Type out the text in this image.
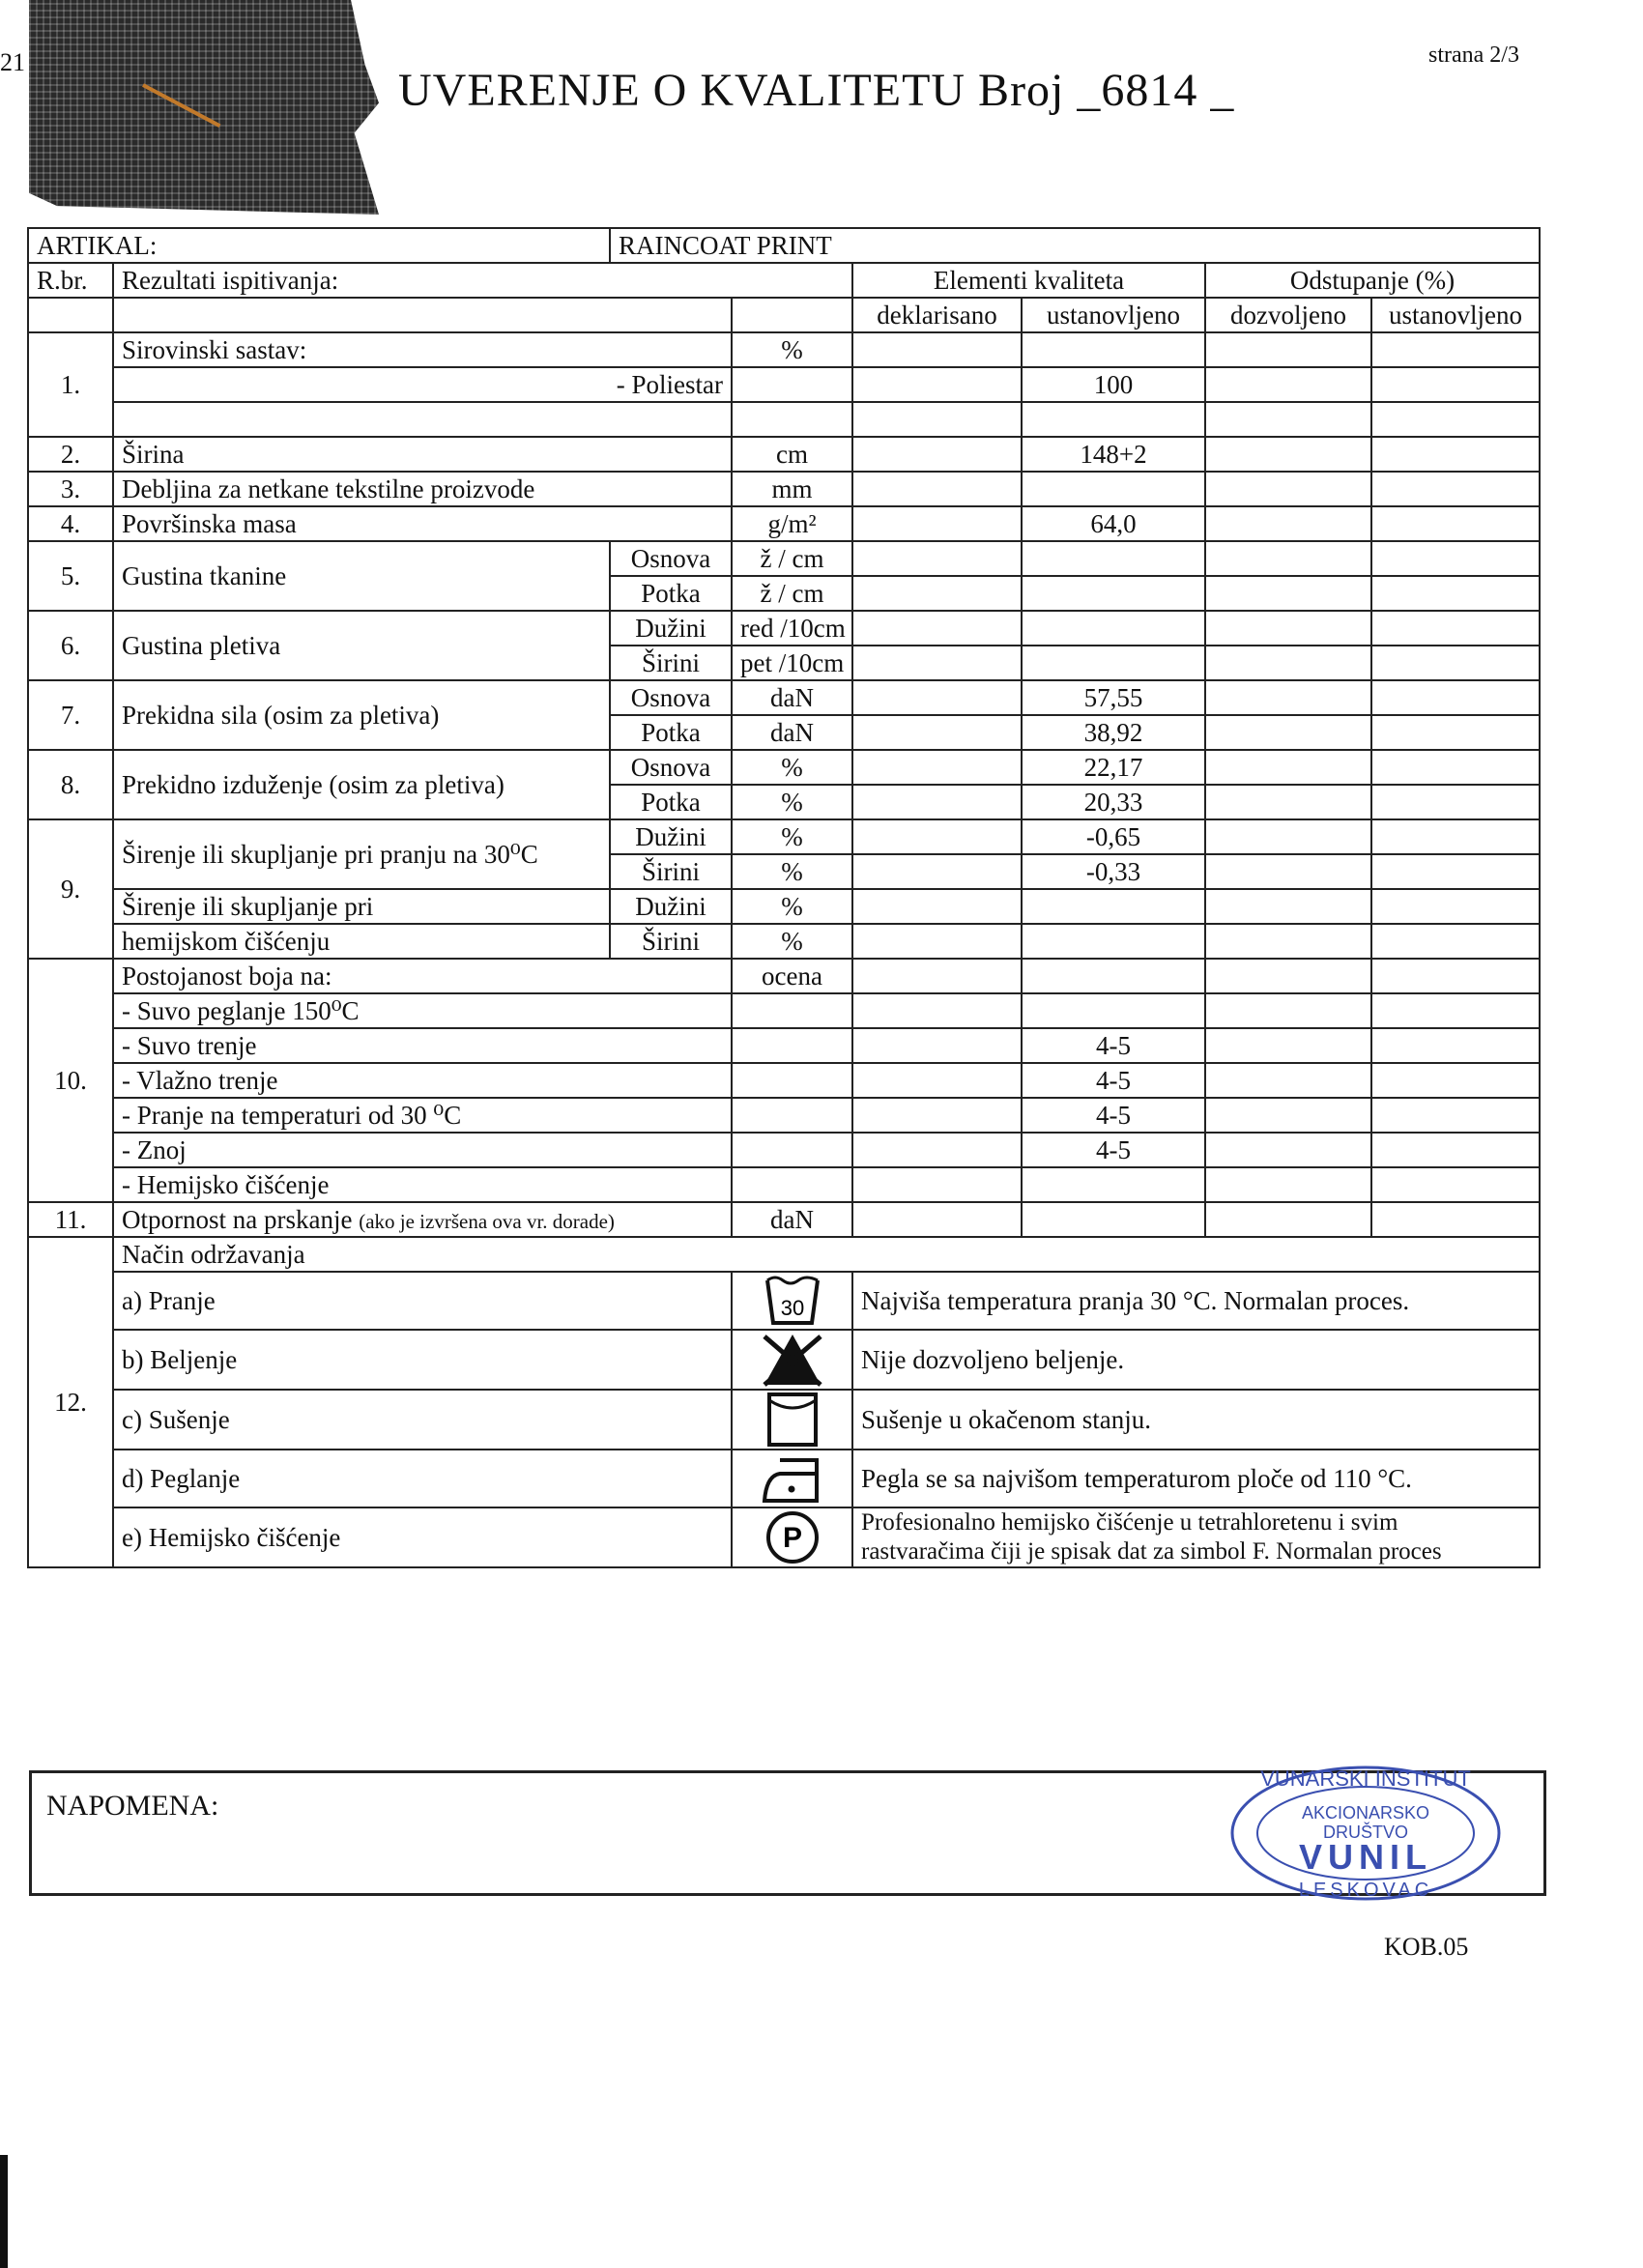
21
UVERENJE O KVALITETU Broj _6814 _
strana 2/3
ARTIKAL:		RAINCOAT PRINT					
R.br.	Rezultati ispitivanja:			Elementi kvaliteta		Odstupanje (%)	
				deklarisano	ustanovljeno	dozvoljeno	ustanovljeno
1.	Sirovinski sastav:		%				
	- Poliestar				100		

2.	Širina		cm		148+2		
3.	Debljina za netkane tekstilne proizvode		mm				
4.	Površinska masa		g/m²		64,0		
5.	Gustina tkanine	Osnova	ž / cm				
		Potka	ž / cm				
6.	Gustina pletiva	Dužini	red /10cm				
		Širini	pet /10cm				
7.	Prekidna sila (osim za pletiva)	Osnova	daN		57,55		
		Potka	daN		38,92		
8.	Prekidno izduženje (osim za pletiva)	Osnova	%		22,17		
		Potka	%		20,33		
9.	Širenje ili skupljanje pri pranju na 30⁰C	Dužini	%		-0,65		
		Širini	%		-0,33		
	Širenje ili skupljanje pri	Dužini	%				
	hemijskom čišćenju	Širini	%				
10.	Postojanost boja na:		ocena				
	- Suvo peglanje 150⁰C						
	- Suvo trenje				4-5		
	- Vlažno trenje				4-5		
	- Pranje na temperaturi od 30 ⁰C				4-5		
	- Znoj				4-5		
	- Hemijsko čišćenje						
11.	Otpornost na prskanje (ako je izvršena ova vr. dorade)		daN				
12.	Način održavanja						
	a) Pranje		30	Najviša temperatura pranja 30 °C. Normalan proces.			
	b) Beljenje			Nije dozvoljeno beljenje.			
	c) Sušenje			Sušenje u okačenom stanju.			
	d) Peglanje			Pegla se sa najvišom temperaturom ploče od 110 °C.			
	e) Hemijsko čišćenje		P	Profesionalno hemijsko čišćenje u tetrahloretenu i svim
rastvaračima čiji je spisak dat za simbol F. Normalan proces			
NAPOMENA:
VUNARSKI INSTITUT
AKCIONARSKO
DRUŠTVO
VUNIL
LESKOVAC
KOB.05
